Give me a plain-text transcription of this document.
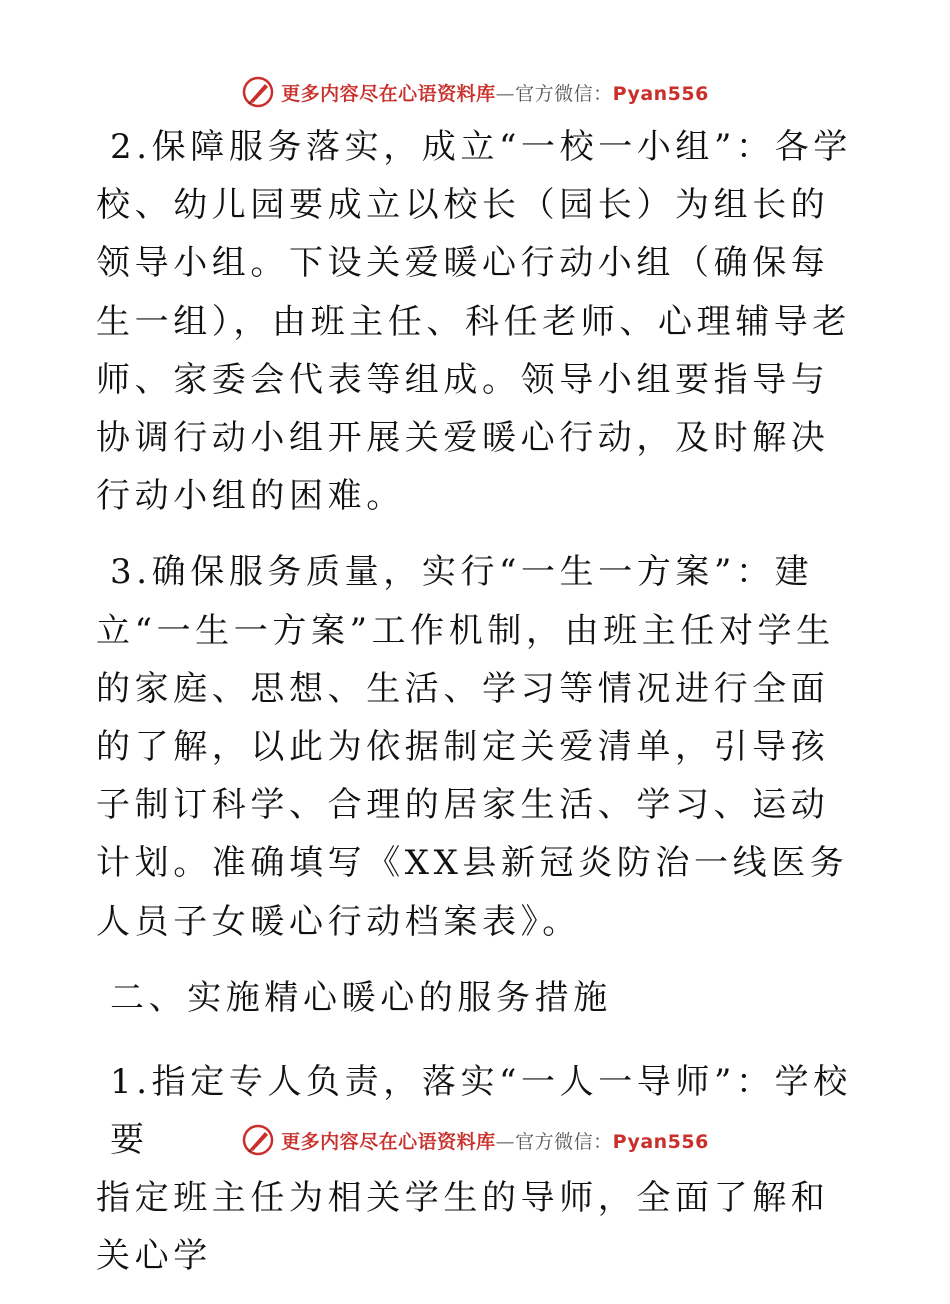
更多内容尽在心语资料库—官方微信：Pyan556
2.保障服务落实，成立“一校一小组”：各学
校、幼儿园要成立以校长（园长）为组长的领导小组。下设关爱暖心行动小组（确保每生一组），由班主任、科任老师、心理辅导老师、家委会代表等组成。领导小组要指导与协调行动小组开展关爱暖心行动，及时解决行动小组的困难。
3.确保服务质量，实行“一生一方案”：建
立“一生一方案”工作机制，由班主任对学生的家庭、思想、生活、学习等情况进行全面的了解，以此为依据制定关爱清单，引导孩子制订科学、合理的居家生活、学习、运动计划。准确填写《XX县新冠炎防治一线医务人员子女暖心行动档案表》。
二、实施精心暖心的服务措施
1.指定专人负责，落实“一人一导师”：学校要
指定班主任为相关学生的导师，全面了解和关心学
更多内容尽在心语资料库—官方微信：Pyan556
